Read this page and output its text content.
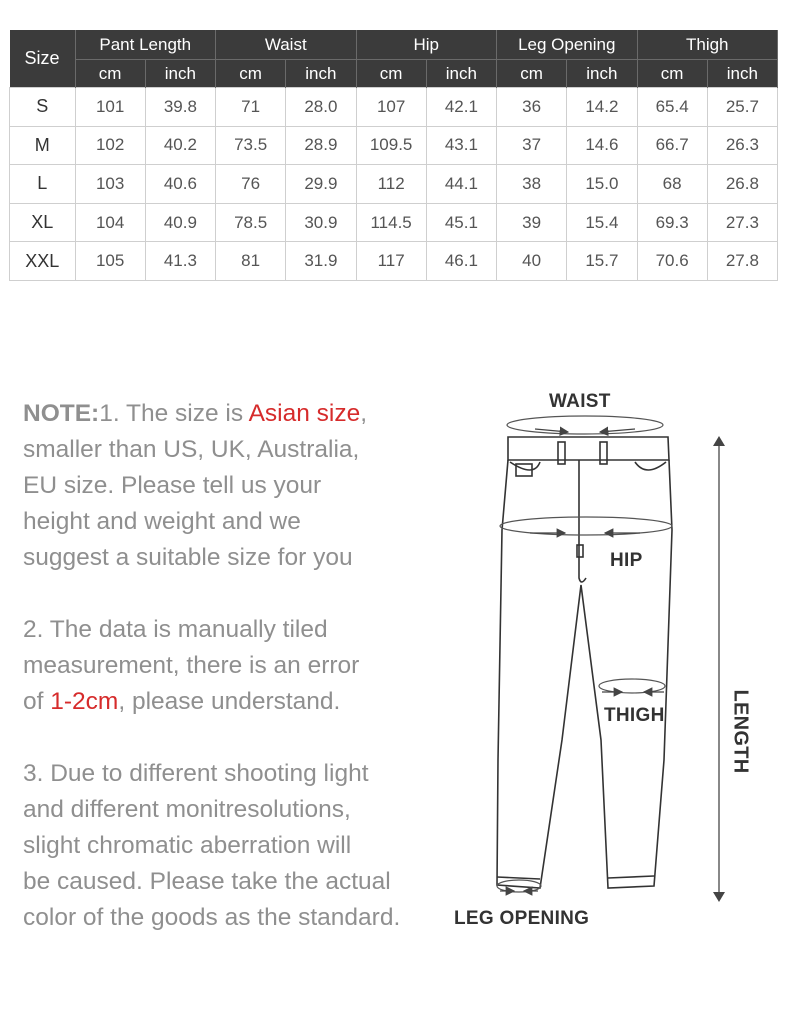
Size	Pant Length		Waist		Hip		Leg Opening		Thigh	
	cm	inch	cm	inch	cm	inch	cm	inch	cm	inch
S	101	39.8	71	28.0	107	42.1	36	14.2	65.4	25.7
M	102	40.2	73.5	28.9	109.5	43.1	37	14.6	66.7	26.3
L	103	40.6	76	29.9	112	44.1	38	15.0	68	26.8
XL	104	40.9	78.5	30.9	114.5	45.1	39	15.4	69.3	27.3
XXL	105	41.3	81	31.9	117	46.1	40	15.7	70.6	27.8

NOTE:1. The size is Asian size,
smaller than US, UK, Australia,
EU size. Please tell us your
height and weight and we
suggest a suitable size for you

2. The data is manually tiled
measurement, there is an error
of 1-2cm, please understand.

3. Due to different shooting light
and different monitresolutions,
slight chromatic aberration will
be caused. Please take the actual
color of the goods as the standard.

WAIST
HIP
THIGH
LEG OPENING
LENGTH
